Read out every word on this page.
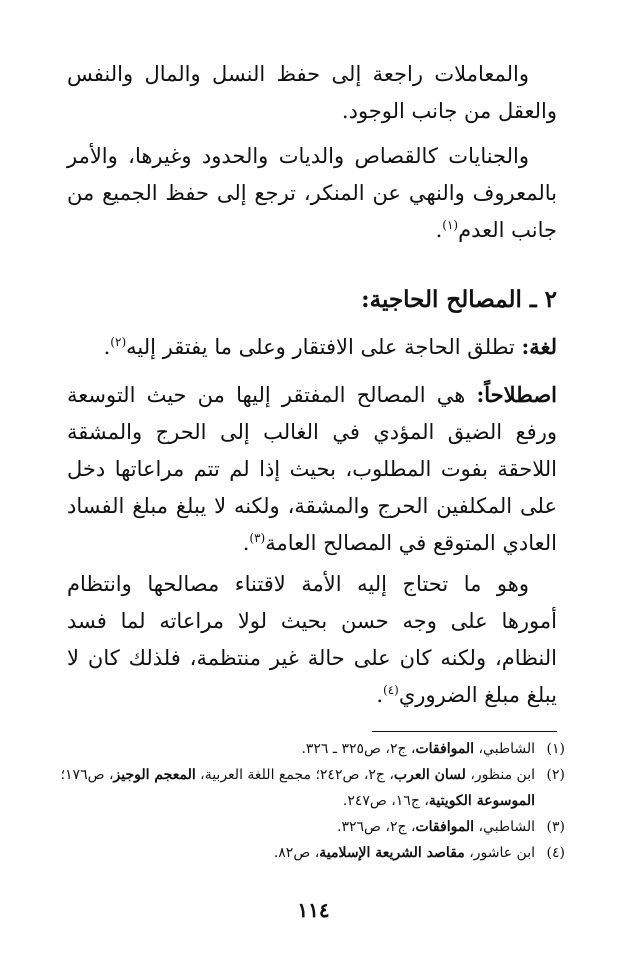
والمعاملات راجعة إلى حفظ النسل والمال والنفس والعقل من جانب الوجود.

والجنايات كالقصاص والديات والحدود وغيرها، والأمر بالمعروف والنهي عن المنكر، ترجع إلى حفظ الجميع من جانب العدم$^{(١)}$.

٢ ـ المصالح الحاجية:

لغة: تطلق الحاجة على الافتقار وعلى ما يفتقر إليه$^{(٢)}$.

اصطلاحاً: هي المصالح المفتقر إليها من حيث التوسعة ورفع الضيق المؤدي في الغالب إلى الحرج والمشقة اللاحقة بفوت المطلوب، بحيث إذا لم تتم مراعاتها دخل على المكلفين الحرج والمشقة، ولكنه لا يبلغ مبلغ الفساد العادي المتوقع في المصالح العامة$^{(٣)}$.

وهو ما تحتاج إليه الأمة لاقتناء مصالحها وانتظام أمورها على وجه حسن بحيث لولا مراعاته لما فسد النظام، ولكنه كان على حالة غير منتظمة، فلذلك كان لا يبلغ مبلغ الضروري$^{(٤)}$.

(١)
الشاطبي، الموافقات، ج٢، ص٣٢٥ ـ ٣٢٦.
(٢)
ابن منظور، لسان العرب، ج٢، ص٢٤٢؛ مجمع اللغة العربية، المعجم الوجيز، ص١٧٦؛ الموسوعة الكويتية، ج١٦، ص٢٤٧.
(٣)
الشاطبي، الموافقات، ج٢، ص٣٢٦.
(٤)
ابن عاشور، مقاصد الشريعة الإسلامية، ص٨٢.
١١٤
